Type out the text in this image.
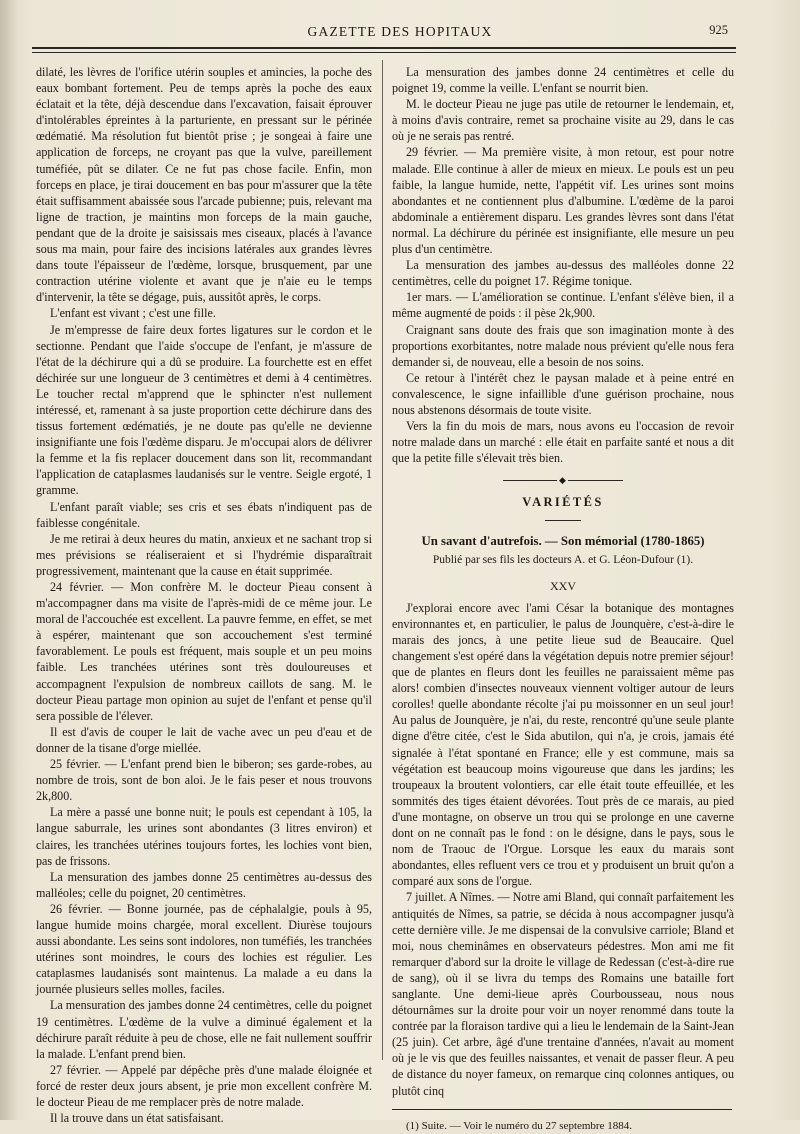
GAZETTE DES HOPITAUX	925

dilaté, les lèvres de l'orifice utérin souples et amincies, la poche des eaux bombant fortement. Peu de temps après la poche des eaux éclatait et la tête, déjà descendue dans l'excavation, faisait éprouver d'intolérables épreintes à la parturiente, en pressant sur le périnée œdématié. Ma résolution fut bientôt prise ; je songeai à faire une application de forceps, ne croyant pas que la vulve, pareillement tuméfiée, pût se dilater. Ce ne fut pas chose facile. Enfin, mon forceps en place, je tirai doucement en bas pour m'assurer que la tête était suffisamment abaissée sous l'arcade pubienne; puis, relevant ma ligne de traction, je maintins mon forceps de la main gauche, pendant que de la droite je saisissais mes ciseaux, placés à l'avance sous ma main, pour faire des incisions latérales aux grandes lèvres dans toute l'épaisseur de l'œdème, lorsque, brusquement, par une contraction utérine violente et avant que je n'aie eu le temps d'intervenir, la tête se dégage, puis, aussitôt après, le corps.

L'enfant est vivant ; c'est une fille.

Je m'empresse de faire deux fortes ligatures sur le cordon et le sectionne. Pendant que l'aide s'occupe de l'enfant, je m'assure de l'état de la déchirure qui a dû se produire. La fourchette est en effet déchirée sur une longueur de 3 centimètres et demi à 4 centimètres. Le toucher rectal m'apprend que le sphincter n'est nullement intéressé, et, ramenant à sa juste proportion cette déchirure dans des tissus fortement œdématiés, je ne doute pas qu'elle ne devienne insignifiante une fois l'œdème disparu. Je m'occupai alors de délivrer la femme et la fis replacer doucement dans son lit, recommandant l'application de cataplasmes laudanisés sur le ventre. Seigle ergoté, 1 gramme.

L'enfant paraît viable; ses cris et ses ébats n'indiquent pas de faiblesse congénitale.

Je me retirai à deux heures du matin, anxieux et ne sachant trop si mes prévisions se réaliseraient et si l'hydrémie disparaîtrait progressivement, maintenant que la cause en était supprimée.

24 février. — Mon confrère M. le docteur Pieau consent à m'accompagner dans ma visite de l'après-midi de ce même jour. Le moral de l'accouchée est excellent. La pauvre femme, en effet, se met à espérer, maintenant que son accouchement s'est terminé favorablement. Le pouls est fréquent, mais souple et un peu moins faible. Les tranchées utérines sont très douloureuses et accompagnent l'expulsion de nombreux caillots de sang. M. le docteur Pieau partage mon opinion au sujet de l'enfant et pense qu'il sera possible de l'élever.

Il est d'avis de couper le lait de vache avec un peu d'eau et de donner de la tisane d'orge miellée.

25 février. — L'enfant prend bien le biberon; ses garde-robes, au nombre de trois, sont de bon aloi. Je le fais peser et nous trouvons 2k,800.

La mère a passé une bonne nuit; le pouls est cependant à 105, la langue saburrale, les urines sont abondantes (3 litres environ) et claires, les tranchées utérines toujours fortes, les lochies vont bien, pas de frissons.

La mensuration des jambes donne 25 centimètres au-dessus des malléoles; celle du poignet, 20 centimètres.

26 février. — Bonne journée, pas de céphalalgie, pouls à 95, langue humide moins chargée, moral excellent. Diurèse toujours aussi abondante. Les seins sont indolores, non tuméfiés, les tranchées utérines sont moindres, le cours des lochies est régulier. Les cataplasmes laudanisés sont maintenus. La malade a eu dans la journée plusieurs selles molles, faciles.

La mensuration des jambes donne 24 centimètres, celle du poignet 19 centimètres. L'œdème de la vulve a diminué également et la déchirure paraît réduite à peu de chose, elle ne fait nullement souffrir la malade. L'enfant prend bien.

27 février. — Appelé par dépêche près d'une malade éloignée et forcé de rester deux jours absent, je prie mon excellent confrère M. le docteur Pieau de me remplacer près de notre malade.

Il la trouve dans un état satisfaisant.

La mensuration des jambes donne 24 centimètres et celle du poignet 19, comme la veille. L'enfant se nourrit bien.

M. le docteur Pieau ne juge pas utile de retourner le lendemain, et, à moins d'avis contraire, remet sa prochaine visite au 29, dans le cas où je ne serais pas rentré.

29 février. — Ma première visite, à mon retour, est pour notre malade. Elle continue à aller de mieux en mieux. Le pouls est un peu faible, la langue humide, nette, l'appétit vif. Les urines sont moins abondantes et ne contiennent plus d'albumine. L'œdème de la paroi abdominale a entièrement disparu. Les grandes lèvres sont dans l'état normal. La déchirure du périnée est insignifiante, elle mesure un peu plus d'un centimètre.

La mensuration des jambes au-dessus des malléoles donne 22 centimètres, celle du poignet 17. Régime tonique.

1er mars. — L'amélioration se continue. L'enfant s'élève bien, il a même augmenté de poids : il pèse 2k,900.

Craignant sans doute des frais que son imagination monte à des proportions exorbitantes, notre malade nous prévient qu'elle nous fera demander si, de nouveau, elle a besoin de nos soins.

Ce retour à l'intérêt chez le paysan malade et à peine entré en convalescence, le signe infaillible d'une guérison prochaine, nous nous abstenons désormais de toute visite.

Vers la fin du mois de mars, nous avons eu l'occasion de revoir notre malade dans un marché : elle était en parfaite santé et nous a dit que la petite fille s'élevait très bien.

◆
VARIÉTÉS
Un savant d'autrefois. — Son mémorial (1780-1865)
Publié par ses fils les docteurs A. et G. Léon-Dufour (1).
XXV

J'explorai encore avec l'ami César la botanique des montagnes environnantes et, en particulier, le palus de Jounquère, c'est-à-dire le marais des joncs, à une petite lieue sud de Beaucaire. Quel changement s'est opéré dans la végétation depuis notre premier séjour! que de plantes en fleurs dont les feuilles ne paraissaient même pas alors! combien d'insectes nouveaux viennent voltiger autour de leurs corolles! quelle abondante récolte j'ai pu moissonner en un seul jour! Au palus de Jounquère, je n'ai, du reste, rencontré qu'une seule plante digne d'être citée, c'est le Sida abutilon, qui n'a, je crois, jamais été signalée à l'état spontané en France; elle y est commune, mais sa végétation est beaucoup moins vigoureuse que dans les jardins; les troupeaux la broutent volontiers, car elle était toute effeuillée, et les sommités des tiges étaient dévorées. Tout près de ce marais, au pied d'une montagne, on observe un trou qui se prolonge en une caverne dont on ne connaît pas le fond : on le désigne, dans le pays, sous le nom de Traouc de l'Orgue. Lorsque les eaux du marais sont abondantes, elles refluent vers ce trou et y produisent un bruit qu'on a comparé aux sons de l'orgue.

7 juillet. A Nîmes. — Notre ami Bland, qui connaît parfaitement les antiquités de Nîmes, sa patrie, se décida à nous accompagner jusqu'à cette dernière ville. Je me dispensai de la convulsive carriole; Bland et moi, nous cheminâmes en observateurs pédestres. Mon ami me fit remarquer d'abord sur la droite le village de Redessan (c'est-à-dire rue de sang), où il se livra du temps des Romains une bataille fort sanglante. Une demi-lieue après Courbousseau, nous nous détournâmes sur la droite pour voir un noyer renommé dans toute la contrée par la floraison tardive qui a lieu le lendemain de la Saint-Jean (25 juin). Cet arbre, âgé d'une trentaine d'années, n'avait au moment où je le vis que des feuilles naissantes, et venait de passer fleur. A peu de distance du noyer fameux, on remarque cinq colonnes antiques, ou plutôt cinq

(1) Suite. — Voir le numéro du 27 septembre 1884.
